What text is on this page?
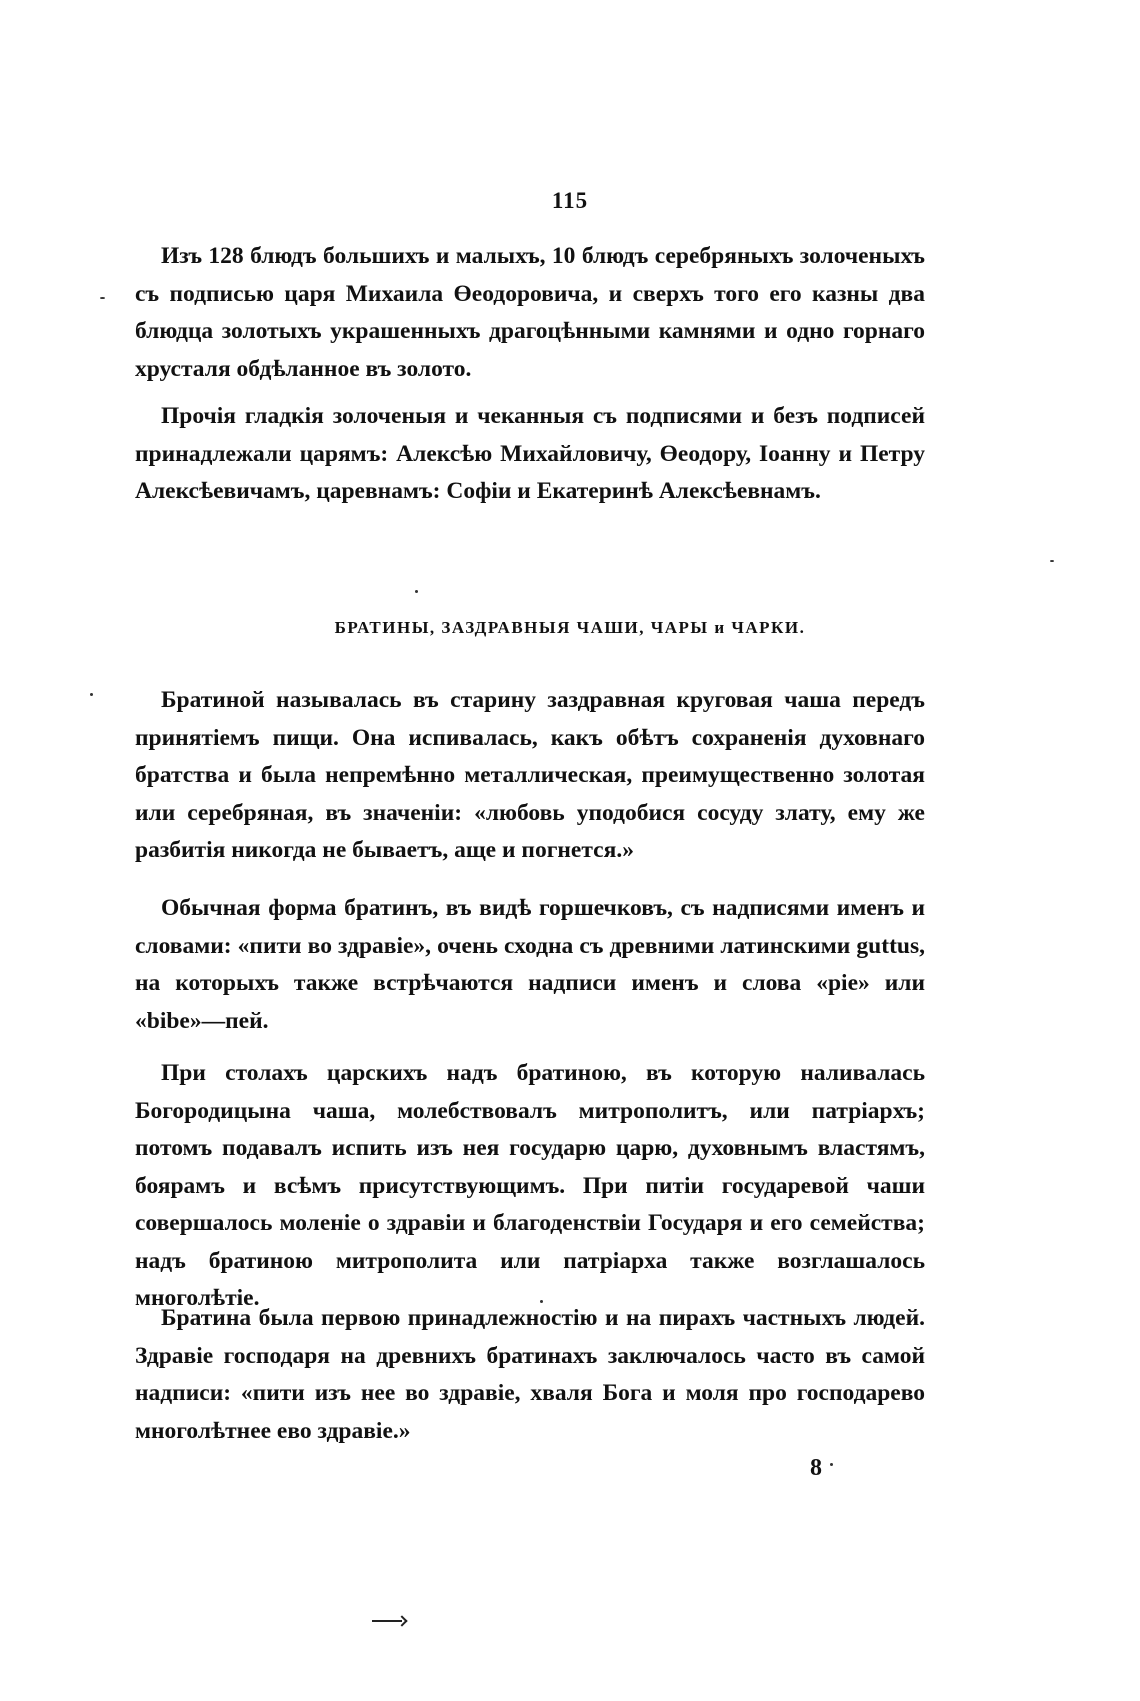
115

Изъ 128 блюдъ большихъ и малыхъ, 10 блюдъ серебряныхъ золоченыхъ съ подписью царя Михаила Өеодоровича, и сверхъ того его казны два блюдца золотыхъ украшенныхъ драгоцѣнными камнями и одно горнаго хрусталя обдѣланное въ золото.

Прочія гладкія золоченыя и чеканныя съ подписями и безъ подписей принадлежали царямъ: Алексѣю Михайловичу, Өеодору, Іоанну и Петру Алексѣевичамъ, царевнамъ: Софіи и Екатеринѣ Алексѣевнамъ.

БРАТИНЫ, ЗАЗДРАВНЫЯ ЧАШИ, ЧАРЫ и ЧАРКИ.

Братиной называлась въ старину заздравная круговая чаша передъ принятіемъ пищи. Она испивалась, какъ обѣтъ сохраненія духовнаго братства и была непремѣнно металлическая, преимущественно золотая или серебряная, въ значеніи: «любовь уподобися сосуду злату, ему же разбитія никогда не бываетъ, аще и погнется.»

Обычная форма братинъ, въ видѣ горшечковъ, съ надписями именъ и словами: «пити во здравіе», очень сходна съ древними латинскими guttus, на которыхъ также встрѣчаются надписи именъ и слова «pie» или «bibe»—пей.

При столахъ царскихъ надъ братиною, въ которую наливалась Богородицына чаша, молебствовалъ митрополитъ, или патріархъ; потомъ подавалъ испить изъ нея государю царю, духовнымъ властямъ, боярамъ и всѣмъ присутствующимъ. При питіи государевой чаши совершалось моленіе о здравіи и благоденствіи Государя и его семейства; надъ братиною митрополита или патріарха также возглашалось многолѣтіе.

Братина была первою принадлежностію и на пирахъ частныхъ людей. Здравіе господаря на древнихъ братинахъ заключалось часто въ самой надписи: «пити изъ нее во здравіе, хваля Бога и моля про господарево многолѣтнее ево здравіе.»

8
